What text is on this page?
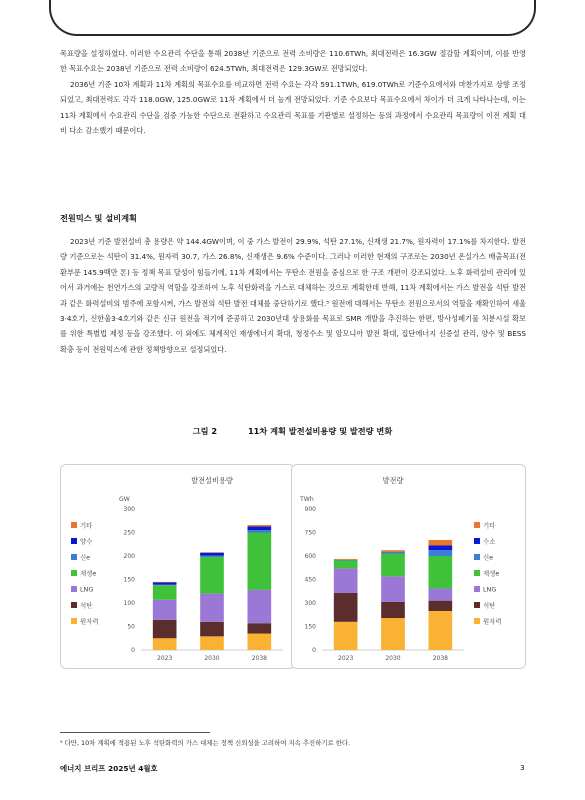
목표량을 설정하였다. 이러한 수요관리 수단을 통해 2038년 기준으로 전력 소비량은 110.6TWh, 최대전력은 16.3GW 절감할 계획이며, 이를 반영한 목표수요는 2038년 기준으로 전력 소비량이 624.5TWh, 최대전력은 129.3GW로 전망되었다.

2036년 기준 10차 계획과 11차 계획의 목표수요를 비교하면 전력 수요는 각각 591.1TWh, 619.0TWh로 기준수요에서와 마찬가지로 상향 조정되었고, 최대전력도 각각 118.0GW, 125.0GW로 11차 계획에서 더 높게 전망되었다. 기준 수요보다 목표수요에서 차이가 더 크게 나타나는데, 이는 11차 계획에서 수요관리 수단을 검증 가능한 수단으로 전환하고 수요관리 목표를 기판별로 설정하는 등의 과정에서 수요관리 목표량이 이전 계획 대비 다소 감소했기 때문이다.

전원믹스 및 설비계획

2023년 기준 발전설비 총 용량은 약 144.4GW이며, 이 중 가스 발전이 29.9%, 석탄 27.1%, 신재생 21.7%, 원자력이 17.1%를 차지한다. 발전량 기준으로는 석탄이 31.4%, 원자력 30.7, 가스 26.8%, 신재생은 9.6% 수준이다. 그러나 이러한 현재의 구조로는 2030년 온실가스 배출목표(전환부문 145.9백만 톤) 등 정책 목표 달성이 힘들기에, 11차 계획에서는 무탄소 전원을 중심으로 한 구조 개편이 강조되었다. 노후 화력설비 관리에 있어서 과거에는 천연가스의 교량적 역할을 강조하여 노후 석탄화력을 가스로 대체하는 것으로 계획한데 반해, 11차 계획에서는 가스 발전을 석탄 발전과 같은 화력설비의 범주에 포함시켜, 가스 발전의 석탄 발전 대체를 중단하기로 했다.⁵ 원전에 대해서는 무탄소 전원으로서의 역할을 재확인하여 새울3·4호기, 신한울3·4호기와 같은 신규 원전을 적기에 준공하고 2030년대 상용화를 목표로 SMR 개발을 추진하는 한편, 방사성폐기물 처분시설 확보를 위한 특별법 제정 등을 강조했다. 이 외에도 체계적인 재생에너지 확대, 청정수소 및 암모니아 발전 확대, 집단에너지 신증설 관리, 양수 및 BESS 확충 등이 전원믹스에 관한 정책방향으로 설정되었다.

그림 2	11차 계획 발전설비용량 및 발전량 변화
발전설비용량
GW
0
50
100
150
200
250
300
2023	2030	2038
기타
양수
신e
재생e
LNG
석탄
원자력
발전량
TWh
0
150
300
450
600
750
900
2023	2030	2038
기타
수소
신e
재생e
LNG
석탄
원자력
⁵ 다만, 10차 계획에 적용된 노후 석탄화력의 가스 대체는 정책 신뢰성을 고려하여 지속 추진하기로 한다.
에너지 브리프 2025년 4월호	3
